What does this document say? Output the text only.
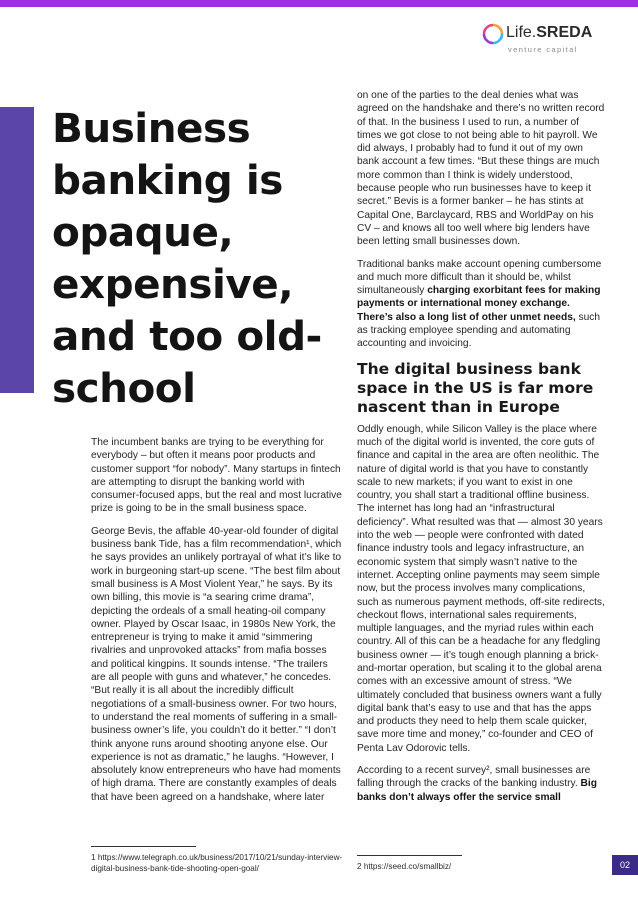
Life.SREDA
venture capital
Business banking is opaque, expensive, and too old-school

The incumbent banks are trying to be everything for everybody – but often it means poor products and customer support “for nobody”. Many startups in fintech are attempting to disrupt the banking world with consumer-focused apps, but the real and most lucrative prize is going to be in the small business space.

George Bevis, the affable 40-year-old founder of digital business bank Tide, has a film recommendation¹, which he says provides an unlikely portrayal of what it’s like to work in burgeoning start-up scene. “The best film about small business is A Most Violent Year,” he says. By its own billing, this movie is “a searing crime drama”, depicting the ordeals of a small heating-oil company owner. Played by Oscar Isaac, in 1980s New York, the entrepreneur is trying to make it amid “simmering rivalries and unprovoked attacks” from mafia bosses and political kingpins. It sounds intense. “The trailers are all people with guns and whatever,” he concedes. “But really it is all about the incredibly difficult negotiations of a small-business owner. For two hours, to understand the real moments of suffering in a small-business owner’s life, you couldn’t do it better.” “I don’t think anyone runs around shooting anyone else. Our experience is not as dramatic,” he laughs. “However, I absolutely know entrepreneurs who have had moments of high drama. There are constantly examples of deals that have been agreed on a handshake, where later

on one of the parties to the deal denies what was agreed on the handshake and there’s no written record of that. In the business I used to run, a number of times we got close to not being able to hit payroll. We did always, I probably had to fund it out of my own bank account a few times. “But these things are much more common than I think is widely understood, because people who run businesses have to keep it secret.” Bevis is a former banker – he has stints at Capital One, Barclaycard, RBS and WorldPay on his CV – and knows all too well where big lenders have been letting small businesses down.

Traditional banks make account opening cumbersome and much more difficult than it should be, whilst simultaneously charging exorbitant fees for making payments or international money exchange. There’s also a long list of other unmet needs, such as tracking employee spending and automating accounting and invoicing.

The digital business bank space in the US is far more nascent than in Europe

Oddly enough, while Silicon Valley is the place where much of the digital world is invented, the core guts of finance and capital in the area are often neolithic. The nature of digital world is that you have to constantly scale to new markets; if you want to exist in one country, you shall start a traditional offline business. The internet has long had an “infrastructural deficiency”. What resulted was that — almost 30 years into the web — people were confronted with dated finance industry tools and legacy infrastructure, an economic system that simply wasn’t native to the internet. Accepting online payments may seem simple now, but the process involves many complications, such as numerous payment methods, off-site redirects, checkout flows, international sales requirements, multiple languages, and the myriad rules within each country. All of this can be a headache for any fledgling business owner — it’s tough enough planning a brick-and-mortar operation, but scaling it to the global arena comes with an excessive amount of stress. “We ultimately concluded that business owners want a fully digital bank that’s easy to use and that has the apps and products they need to help them scale quicker, save more time and money,” co-founder and CEO of Penta Lav Odorovic tells.

According to a recent survey², small businesses are falling through the cracks of the banking industry. Big banks don’t always offer the service small

1 https://www.telegraph.co.uk/business/2017/10/21/sunday-interview-digital-business-bank-tide-shooting-open-goal/	2 https://seed.co/smallbiz/	02
